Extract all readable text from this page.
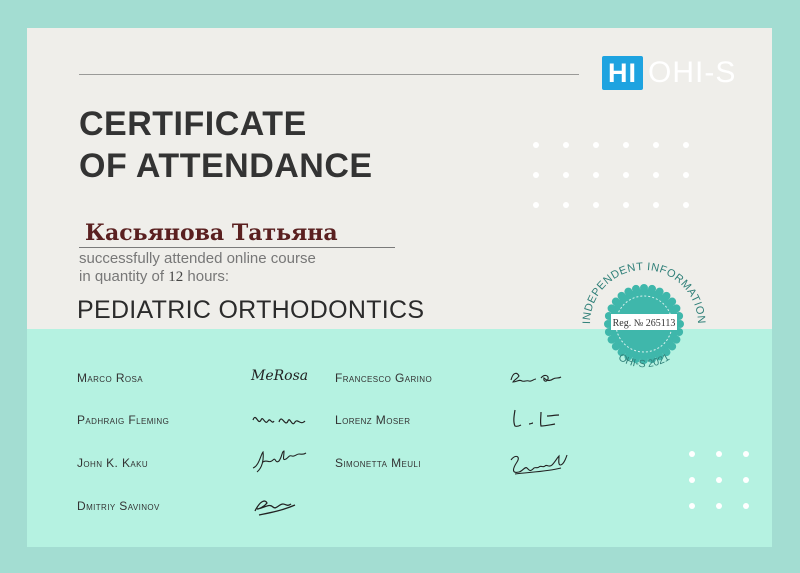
HI OHI-S
CERTIFICATE
OF ATTENDANCE
Касьянова Татьяна
successfully attended online course
in quantity of 12 hours:
PEDIATRIC ORTHODONTICS	INDEPENDENT INFORMATION
Reg. № 265113
OHI-S 2021
Marco Rosa
Padhraig Fleming
John K. Kaku
Dmitriy Savinov
Francesco Garino
Lorenz Moser
Simonetta Meuli
MeRosa
